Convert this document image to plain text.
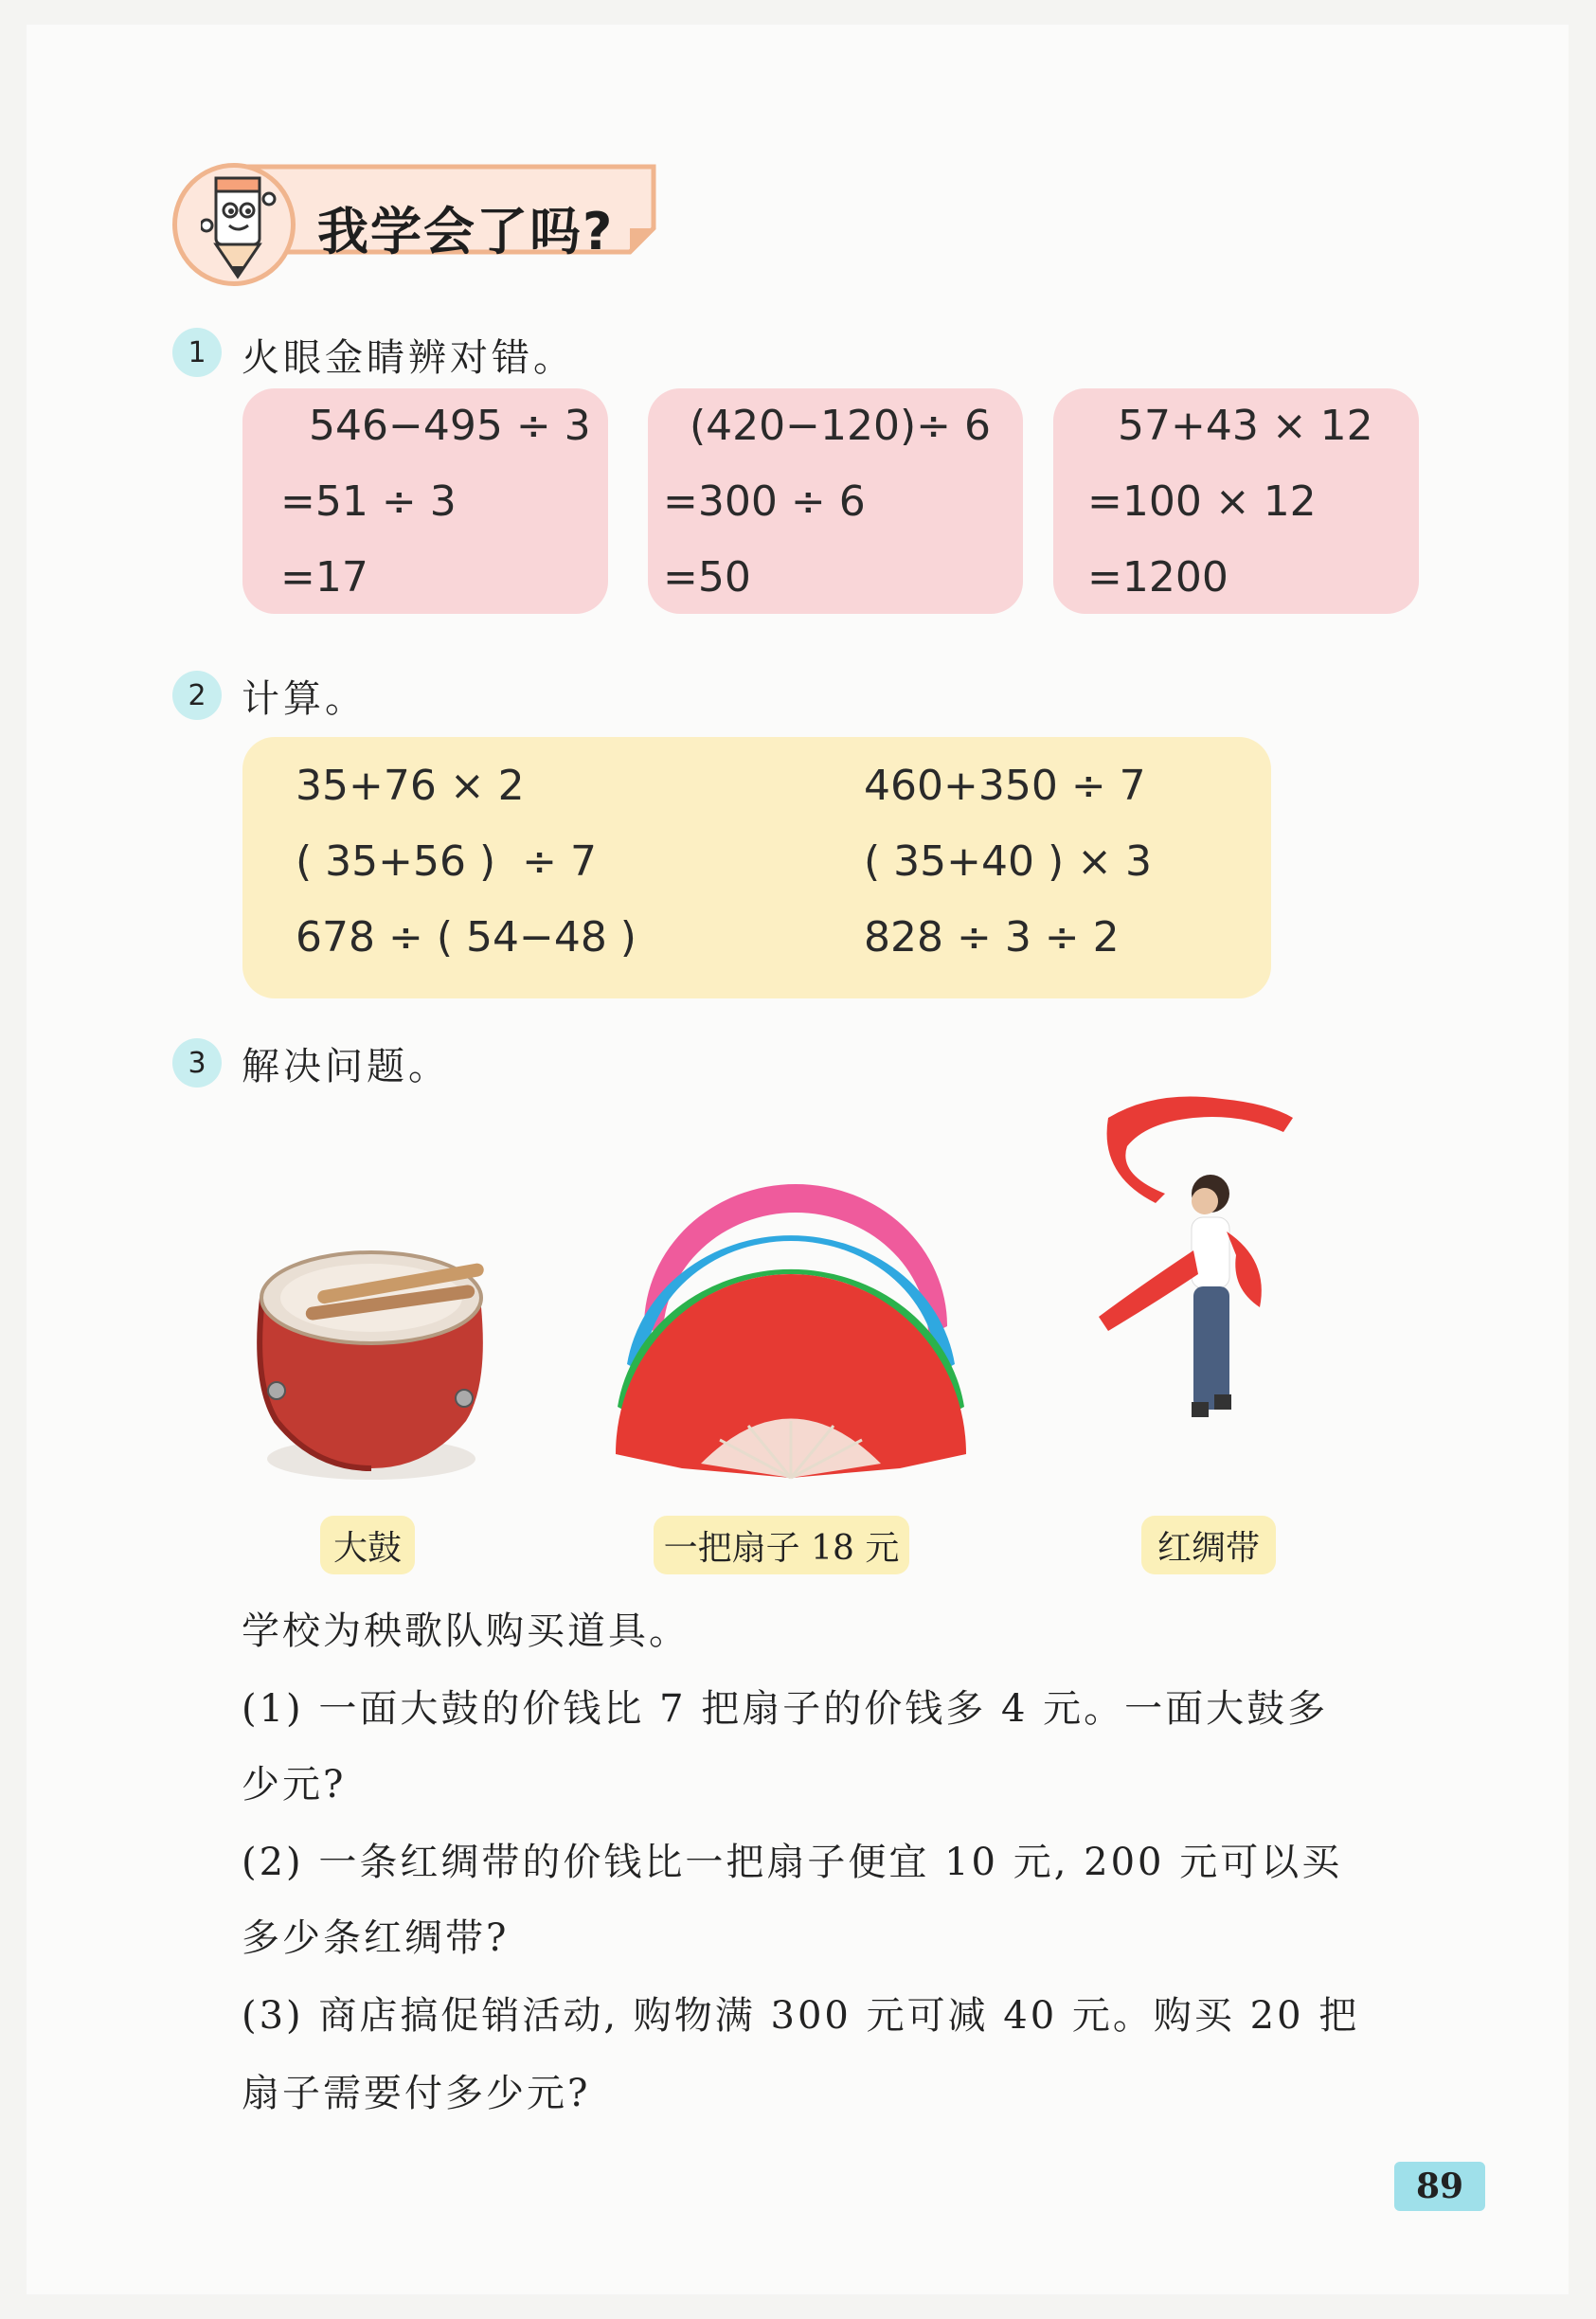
我学会了吗?
1 火眼金睛辨对错。
546−495 ÷ 3
=51 ÷ 3
=17
(420−120)÷ 6
=300 ÷ 6
=50
57+43 × 12
=100 × 12
=1200
2 计算。
35+76 × 2
( 35+56 )  ÷ 7
678 ÷ ( 54−48 )
460+350 ÷ 7
( 35+40 ) × 3
828 ÷ 3 ÷ 2
3 解决问题。
大鼓	一把扇子 18 元	红绸带
学校为秧歌队购买道具。
(1) 一面大鼓的价钱比 7 把扇子的价钱多 4 元。一面大鼓多
少元?
(2) 一条红绸带的价钱比一把扇子便宜 10 元, 200 元可以买
多少条红绸带?
(3) 商店搞促销活动, 购物满 300 元可减 40 元。购买 20 把
扇子需要付多少元?
89
